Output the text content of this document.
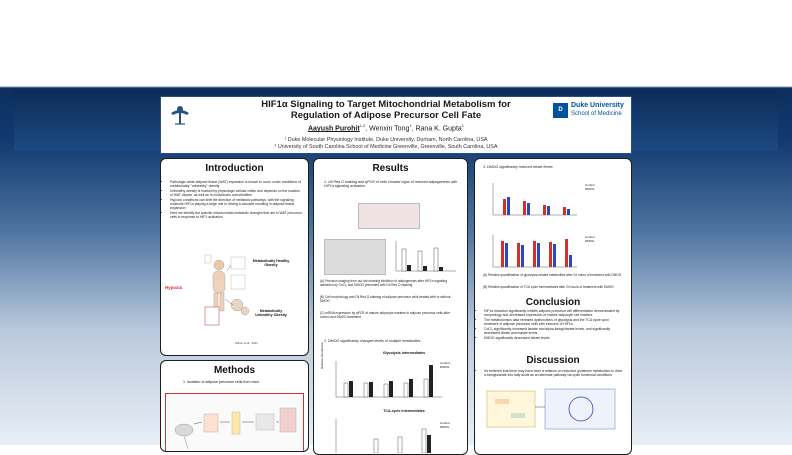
HIF1α Signaling to Target Mitochondrial Metabolism for
Regulation of Adipose Precursor Cell Fate
Aayush Purohit$^{1,2}$, Wenxin Tong$^1$, Rana K. Gupta$^1$
¹ Duke Molecular Physiology Institute, Duke University, Durham, North Carolina, USA
² University of South Carolina School of Medicine Greenville, Greenville, South Carolina, USA
D
Duke University
School of Medicine
Introduction
• Pathologic white adipose tissue (WAT) expansion is known to occur under conditions of metabolically "unhealthy" obesity
• Unhealthy obesity is marked by physiologic cellular milieu and depends on the location of WAT depots, as well as on individual's comorbidities
• Hypoxic conditions can shift the direction of metabolic pathways, with the signaling molecule HIF1α playing a large role in driving a cascade resulting in adipose tissue expansion
• Here we identify the specific mitochondrial metabolic changes that are in WAT precursor cells in response to HIF1 activation
Metabolically Healthy Obesity
Metabolically Unhealthy Obesity
Hypoxia
Gilbert et al., 2021
Methods
1. Isolation of adipose precursor cells from mice
Results
1. Oil Red O staining and qPCR of cells showed signs of reduced adipogenesis with HIF1α signaling activation
(A) Previous imaging from our lab showing inhibition of adipogenesis after HIF1α signaling activation by CoCl₂ and DMOG prevented with Oil Red O staining
(B) Cell morphology and Oil Red O staining of adipose precursor cells treated with or without DMOG
(C) mRNA expression by qPCR of mature adipocyte markers in adipose precursor cells after control and DMOG treatment
2. DMOG significantly changed levels of multiple metabolites
Glycolysis intermediates
Control
DMOG
Relative Abundance
TCA cycle intermediates
Control
DMOG
3. DMOG significantly reduced citrate levels
Control
DMOG
Control
DMOG
(A) Relative quantification of glycolysis-related metabolites after 24 hours of treatment with DMOG
(B) Relative quantification of TCA cycle intermediates after 24 hours of treatment with DMOG
Conclusion
• HIF1α induction significantly inhibits adipose precursor cell differentiation demonstrated by morphology and decreased expression of mature adipocyte cell markers
• The metabolomics data revealed dysfunctions of glycolysis and the TCA cycle upon treatment of adipose precursor cells with inducers of HIF1α
• CoCl₂ significantly increased lactate and alpha-ketoglutarate levels, and significantly decreased citrate and malate levels
• DMOG significantly decreased citrate levels
Discussion
• It's believed that there may have been a reliance on reductive glutamine metabolism to drive α-ketoglutarate into fatty acids as an alternate pathway via cycle functional conditions
